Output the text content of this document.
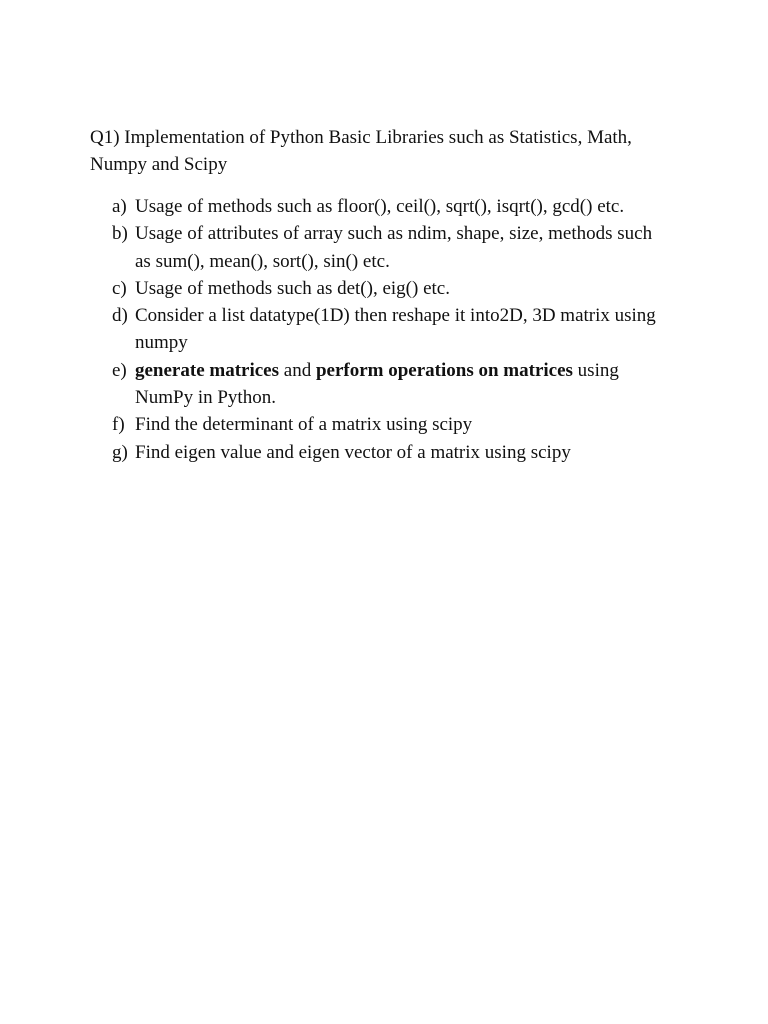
Q1) Implementation of Python Basic Libraries such as Statistics, Math, Numpy and Scipy

a) Usage of methods such as floor(), ceil(), sqrt(), isqrt(), gcd() etc.
b) Usage of attributes of array such as ndim, shape, size, methods such as sum(), mean(), sort(), sin() etc.
c) Usage of methods such as det(), eig() etc.
d) Consider a list datatype(1D) then reshape it into2D, 3D matrix using numpy
e) generate matrices and perform operations on matrices using NumPy in Python.
f) Find the determinant of a matrix using scipy
g) Find eigen value and eigen vector of a matrix using scipy
